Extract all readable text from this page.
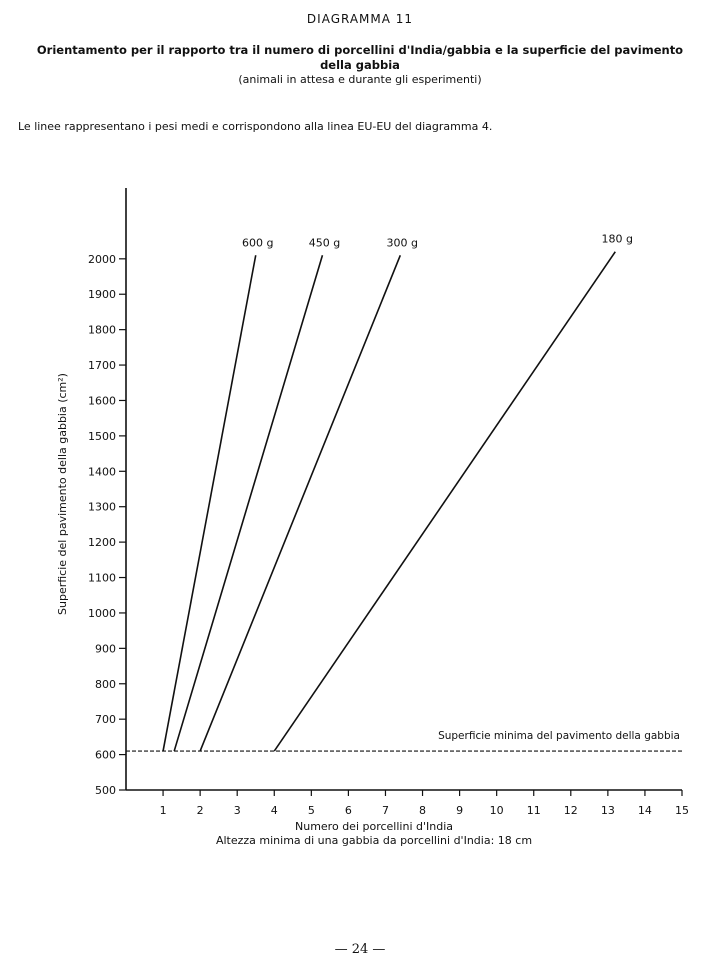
DIAGRAMMA 11
Orientamento per il rapporto tra il numero di porcellini d'India/gabbia e la superficie del pavimento
della gabbia
(animali in attesa e durante gli esperimenti)
Le linee rappresentano i pesi medi e corrispondono alla linea EU-EU del diagramma 4.
500
600
700
800
900
1000
1100
1200
1300
1400
1500
1600
1700
1800
1900
2000
1	2	3	4	5	6	7	8	9 10 11 12 13 14 15
Superficie minima del pavimento della gabbia
600 g	450 g	300 g	180 g
Numero dei porcellini d'India
Altezza minima di una gabbia da porcellini d'India: 18 cm
Superficie del pavimento della gabbia (cm²)
— 24 —
